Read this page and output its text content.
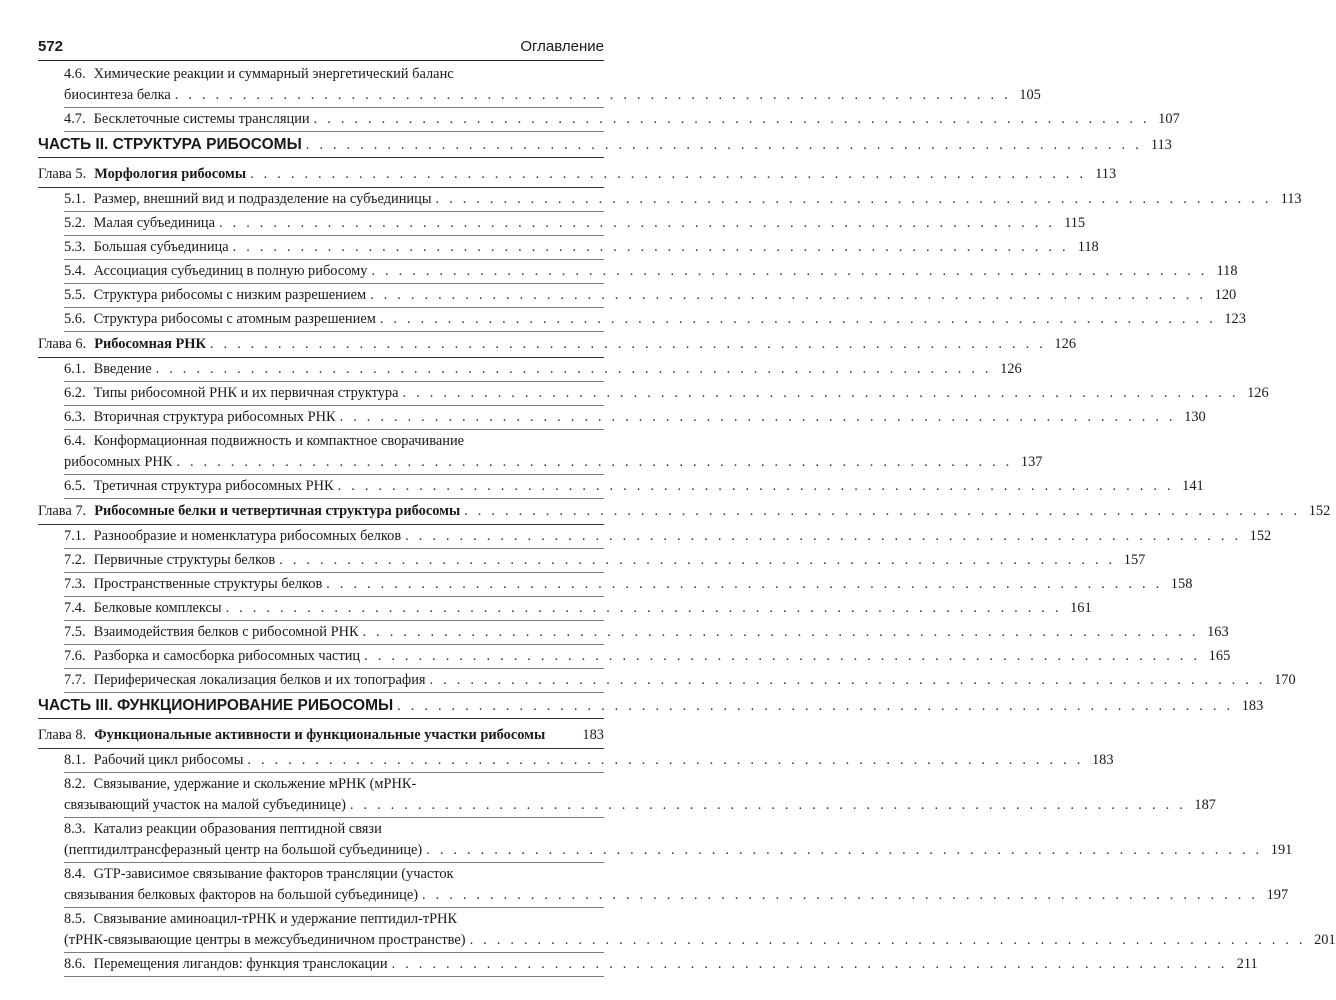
572	Оглавление
4.6. Химические реакции и суммарный энергетический баланс
биосинтеза белка . . . . . . . . . . . . . . . . . . . . . . . . . . . . . . . . . . . . . . . . . . . . . . . . . . . . . . . . . . . . . . 105
4.7. Бесклеточные системы трансляции . . . . . . . . . . . . . . . . . . . . . . . . . . . . . . . . . . . . . . . . . . . . . . . . . . . . . . . . . . . . . . 107
ЧАСТЬ II. СТРУКТУРА РИБОСОМЫ . . . . . . . . . . . . . . . . . . . . . . . . . . . . . . . . . . . . . . . . . . . . . . . . . . . . . . . . . . . . . . 113
Глава 5. Морфология рибосомы . . . . . . . . . . . . . . . . . . . . . . . . . . . . . . . . . . . . . . . . . . . . . . . . . . . . . . . . . . . . . . 113
5.1. Размер, внешний вид и подразделение на субъединицы . . . . . . . . . . . . . . . . . . . . . . . . . . . . . . . . . . . . . . . . . . . . . . . . . . . . . . . . . . . . . . 113
5.2. Малая субъединица . . . . . . . . . . . . . . . . . . . . . . . . . . . . . . . . . . . . . . . . . . . . . . . . . . . . . . . . . . . . . . 115
5.3. Большая субъединица . . . . . . . . . . . . . . . . . . . . . . . . . . . . . . . . . . . . . . . . . . . . . . . . . . . . . . . . . . . . . . 118
5.4. Ассоциация субъединиц в полную рибосому . . . . . . . . . . . . . . . . . . . . . . . . . . . . . . . . . . . . . . . . . . . . . . . . . . . . . . . . . . . . . . 118
5.5. Структура рибосомы с низким разрешением . . . . . . . . . . . . . . . . . . . . . . . . . . . . . . . . . . . . . . . . . . . . . . . . . . . . . . . . . . . . . . 120
5.6. Структура рибосомы с атомным разрешением . . . . . . . . . . . . . . . . . . . . . . . . . . . . . . . . . . . . . . . . . . . . . . . . . . . . . . . . . . . . . . 123
Глава 6. Рибосомная РНК . . . . . . . . . . . . . . . . . . . . . . . . . . . . . . . . . . . . . . . . . . . . . . . . . . . . . . . . . . . . . . 126
6.1. Введение . . . . . . . . . . . . . . . . . . . . . . . . . . . . . . . . . . . . . . . . . . . . . . . . . . . . . . . . . . . . . . 126
6.2. Типы рибосомной РНК и их первичная структура . . . . . . . . . . . . . . . . . . . . . . . . . . . . . . . . . . . . . . . . . . . . . . . . . . . . . . . . . . . . . . 126
6.3. Вторичная структура рибосомных РНК . . . . . . . . . . . . . . . . . . . . . . . . . . . . . . . . . . . . . . . . . . . . . . . . . . . . . . . . . . . . . . 130
6.4. Конформационная подвижность и компактное сворачивание
рибосомных РНК . . . . . . . . . . . . . . . . . . . . . . . . . . . . . . . . . . . . . . . . . . . . . . . . . . . . . . . . . . . . . . 137
6.5. Третичная структура рибосомных РНК . . . . . . . . . . . . . . . . . . . . . . . . . . . . . . . . . . . . . . . . . . . . . . . . . . . . . . . . . . . . . . 141
Глава 7. Рибосомные белки и четвертичная структура рибосомы . . . . . . . . . . . . . . . . . . . . . . . . . . . . . . . . . . . . . . . . . . . . . . . . . . . . . . . . . . . . . . 152
7.1. Разнообразие и номенклатура рибосомных белков . . . . . . . . . . . . . . . . . . . . . . . . . . . . . . . . . . . . . . . . . . . . . . . . . . . . . . . . . . . . . . 152
7.2. Первичные структуры белков . . . . . . . . . . . . . . . . . . . . . . . . . . . . . . . . . . . . . . . . . . . . . . . . . . . . . . . . . . . . . . 157
7.3. Пространственные структуры белков . . . . . . . . . . . . . . . . . . . . . . . . . . . . . . . . . . . . . . . . . . . . . . . . . . . . . . . . . . . . . . 158
7.4. Белковые комплексы . . . . . . . . . . . . . . . . . . . . . . . . . . . . . . . . . . . . . . . . . . . . . . . . . . . . . . . . . . . . . . 161
7.5. Взаимодействия белков с рибосомной РНК . . . . . . . . . . . . . . . . . . . . . . . . . . . . . . . . . . . . . . . . . . . . . . . . . . . . . . . . . . . . . . 163
7.6. Разборка и самосборка рибосомных частиц . . . . . . . . . . . . . . . . . . . . . . . . . . . . . . . . . . . . . . . . . . . . . . . . . . . . . . . . . . . . . . 165
7.7. Периферическая локализация белков и их топография . . . . . . . . . . . . . . . . . . . . . . . . . . . . . . . . . . . . . . . . . . . . . . . . . . . . . . . . . . . . . . 170
ЧАСТЬ III. ФУНКЦИОНИРОВАНИЕ РИБОСОМЫ . . . . . . . . . . . . . . . . . . . . . . . . . . . . . . . . . . . . . . . . . . . . . . . . . . . . . . . . . . . . . . 183
Глава 8. Функциональные активности и функциональные участки рибосомы	183
8.1. Рабочий цикл рибосомы . . . . . . . . . . . . . . . . . . . . . . . . . . . . . . . . . . . . . . . . . . . . . . . . . . . . . . . . . . . . . . 183
8.2. Связывание, удержание и скольжение мРНК (мРНК-
связывающий участок на малой субъединице) . . . . . . . . . . . . . . . . . . . . . . . . . . . . . . . . . . . . . . . . . . . . . . . . . . . . . . . . . . . . . . 187
8.3. Катализ реакции образования пептидной связи
(пептидилтрансферазный центр на большой субъединице) . . . . . . . . . . . . . . . . . . . . . . . . . . . . . . . . . . . . . . . . . . . . . . . . . . . . . . . . . . . . . . 191
8.4. GTP-зависимое связывание факторов трансляции (участок
связывания белковых факторов на большой субъединице) . . . . . . . . . . . . . . . . . . . . . . . . . . . . . . . . . . . . . . . . . . . . . . . . . . . . . . . . . . . . . . 197
8.5. Связывание аминоацил-тРНК и удержание пептидил-тРНК
(тРНК-связывающие центры в межсубъединичном пространстве) . . . . . . . . . . . . . . . . . . . . . . . . . . . . . . . . . . . . . . . . . . . . . . . . . . . . . . . . . . . . . . 201
8.6. Перемещения лигандов: функция транслокации . . . . . . . . . . . . . . . . . . . . . . . . . . . . . . . . . . . . . . . . . . . . . . . . . . . . . . . . . . . . . . 211
